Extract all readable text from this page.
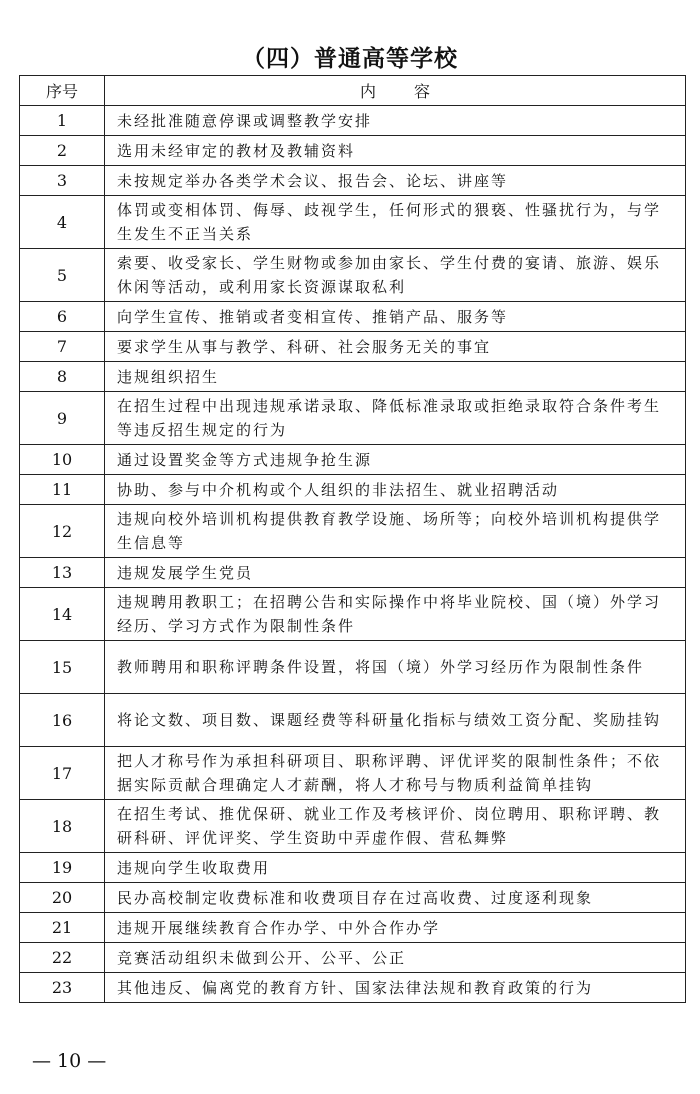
（四）普通高等学校
序号	内容
1	未经批准随意停课或调整教学安排
2	选用未经审定的教材及教辅资料
3	未按规定举办各类学术会议、报告会、论坛、讲座等
4	体罚或变相体罚、侮辱、歧视学生，任何形式的猥亵、性骚扰行为，与学生发生不正当关系
5	索要、收受家长、学生财物或参加由家长、学生付费的宴请、旅游、娱乐休闲等活动，或利用家长资源谋取私利
6	向学生宣传、推销或者变相宣传、推销产品、服务等
7	要求学生从事与教学、科研、社会服务无关的事宜
8	违规组织招生
9	在招生过程中出现违规承诺录取、降低标准录取或拒绝录取符合条件考生等违反招生规定的行为
10	通过设置奖金等方式违规争抢生源
11	协助、参与中介机构或个人组织的非法招生、就业招聘活动
12	违规向校外培训机构提供教育教学设施、场所等；向校外培训机构提供学生信息等
13	违规发展学生党员
14	违规聘用教职工；在招聘公告和实际操作中将毕业院校、国（境）外学习经历、学习方式作为限制性条件
15	教师聘用和职称评聘条件设置，将国（境）外学习经历作为限制性条件
16	将论文数、项目数、课题经费等科研量化指标与绩效工资分配、奖励挂钩
17	把人才称号作为承担科研项目、职称评聘、评优评奖的限制性条件；不依据实际贡献合理确定人才薪酬，将人才称号与物质利益简单挂钩
18	在招生考试、推优保研、就业工作及考核评价、岗位聘用、职称评聘、教研科研、评优评奖、学生资助中弄虚作假、营私舞弊
19	违规向学生收取费用
20	民办高校制定收费标准和收费项目存在过高收费、过度逐利现象
21	违规开展继续教育合作办学、中外合作办学
22	竞赛活动组织未做到公开、公平、公正
23	其他违反、偏离党的教育方针、国家法律法规和教育政策的行为
— 10 —
